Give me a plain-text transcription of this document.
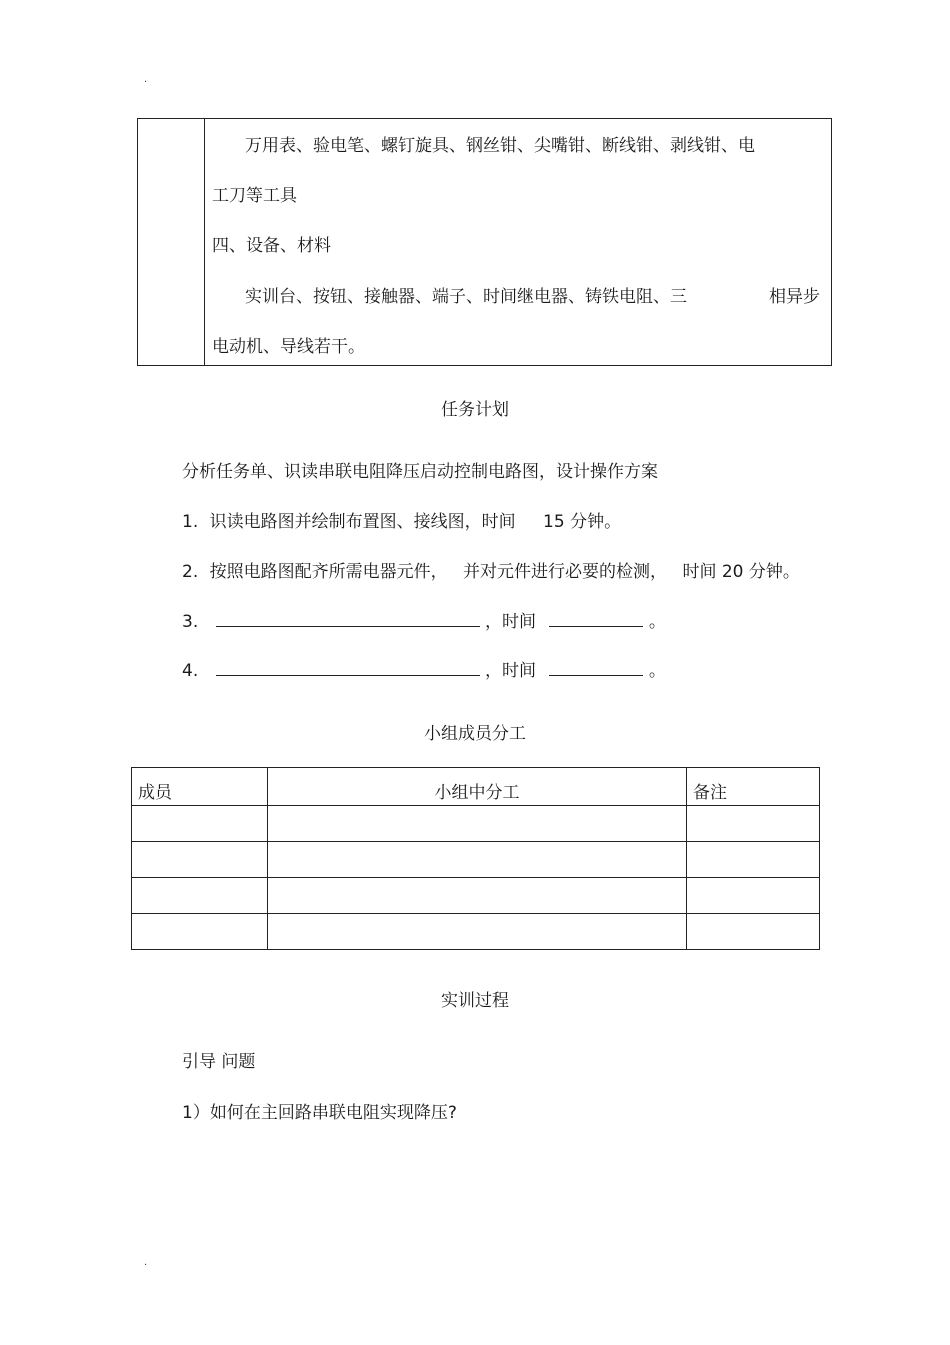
.
万用表、验电笔、螺钉旋具、钢丝钳、尖嘴钳、断线钳、剥线钳、电
工刀等工具
四、设备、材料
实训台、按钮、接触器、端子、时间继电器、铸铁电阻、三	相异步
电动机、导线若干。
任务计划
分析任务单、识读串联电阻降压启动控制电路图，设计操作方案
1. 识读电路图并绘制布置图、接线图，时间 15 分钟。
2. 按照电路图配齐所需电器元件， 并对元件进行必要的检测， 时间 20 分钟。
3.	，时间	。
4.	，时间	。
小组成员分工
成员	小组中分工	备注

实训过程
引导 问题
1）如何在主回路串联电阻实现降压?
.
